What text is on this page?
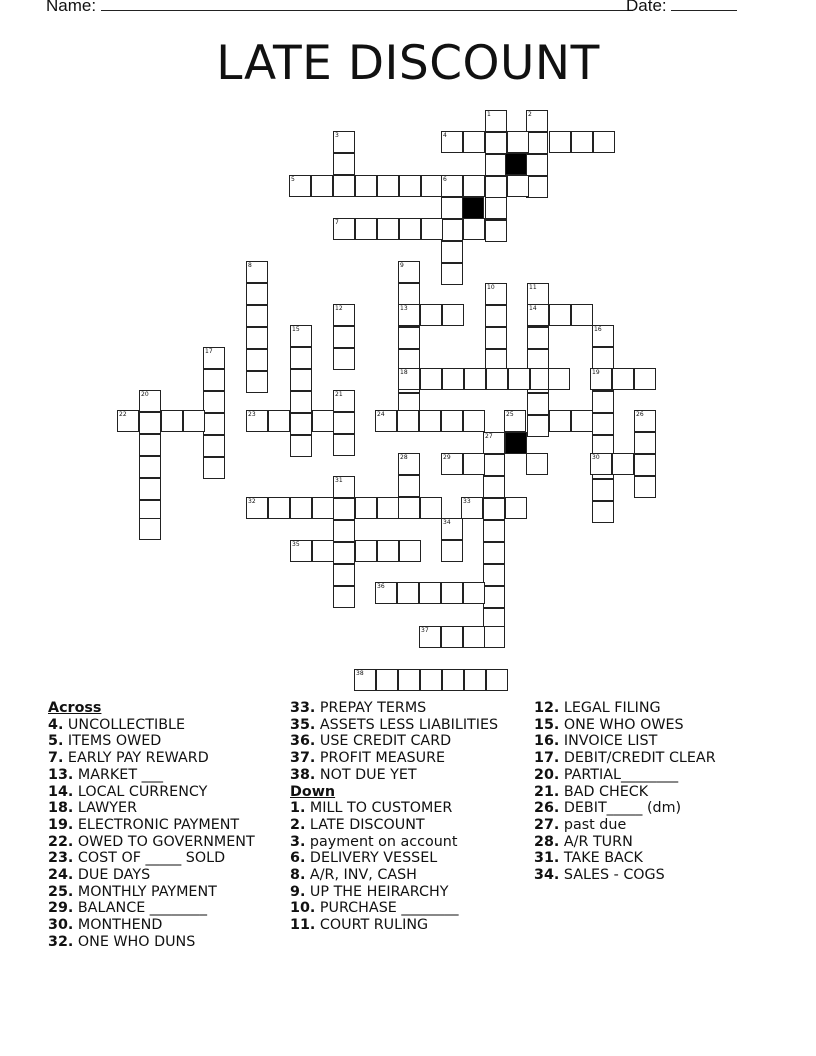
Name:	Date:
LATE DISCOUNT
1	2
3	4
5	6
7
8	9
10	11
12	13	14
15	16
17
18	19
20	21
22	23	24	25	26
27
28	29	30
31
32	33
34
35
36
37
38
Across
4. UNCOLLECTIBLE
5. ITEMS OWED
7. EARLY PAY REWARD
13. MARKET ___
14. LOCAL CURRENCY
18. LAWYER
19. ELECTRONIC PAYMENT
22. OWED TO GOVERNMENT
23. COST OF _____ SOLD
24. DUE DAYS
25. MONTHLY PAYMENT
29. BALANCE ________
30. MONTHEND
32. ONE WHO DUNS
33. PREPAY TERMS
35. ASSETS LESS LIABILITIES
36. USE CREDIT CARD
37. PROFIT MEASURE
38. NOT DUE YET
Down
1. MILL TO CUSTOMER
2. LATE DISCOUNT
3. payment on account
6. DELIVERY VESSEL
8. A/R, INV, CASH
9. UP THE HEIRARCHY
10. PURCHASE ________
11. COURT RULING
12. LEGAL FILING
15. ONE WHO OWES
16. INVOICE LIST
17. DEBIT/CREDIT CLEAR
20. PARTIAL________
21. BAD CHECK
26. DEBIT_____ (dm)
27. past due
28. A/R TURN
31. TAKE BACK
34. SALES - COGS
